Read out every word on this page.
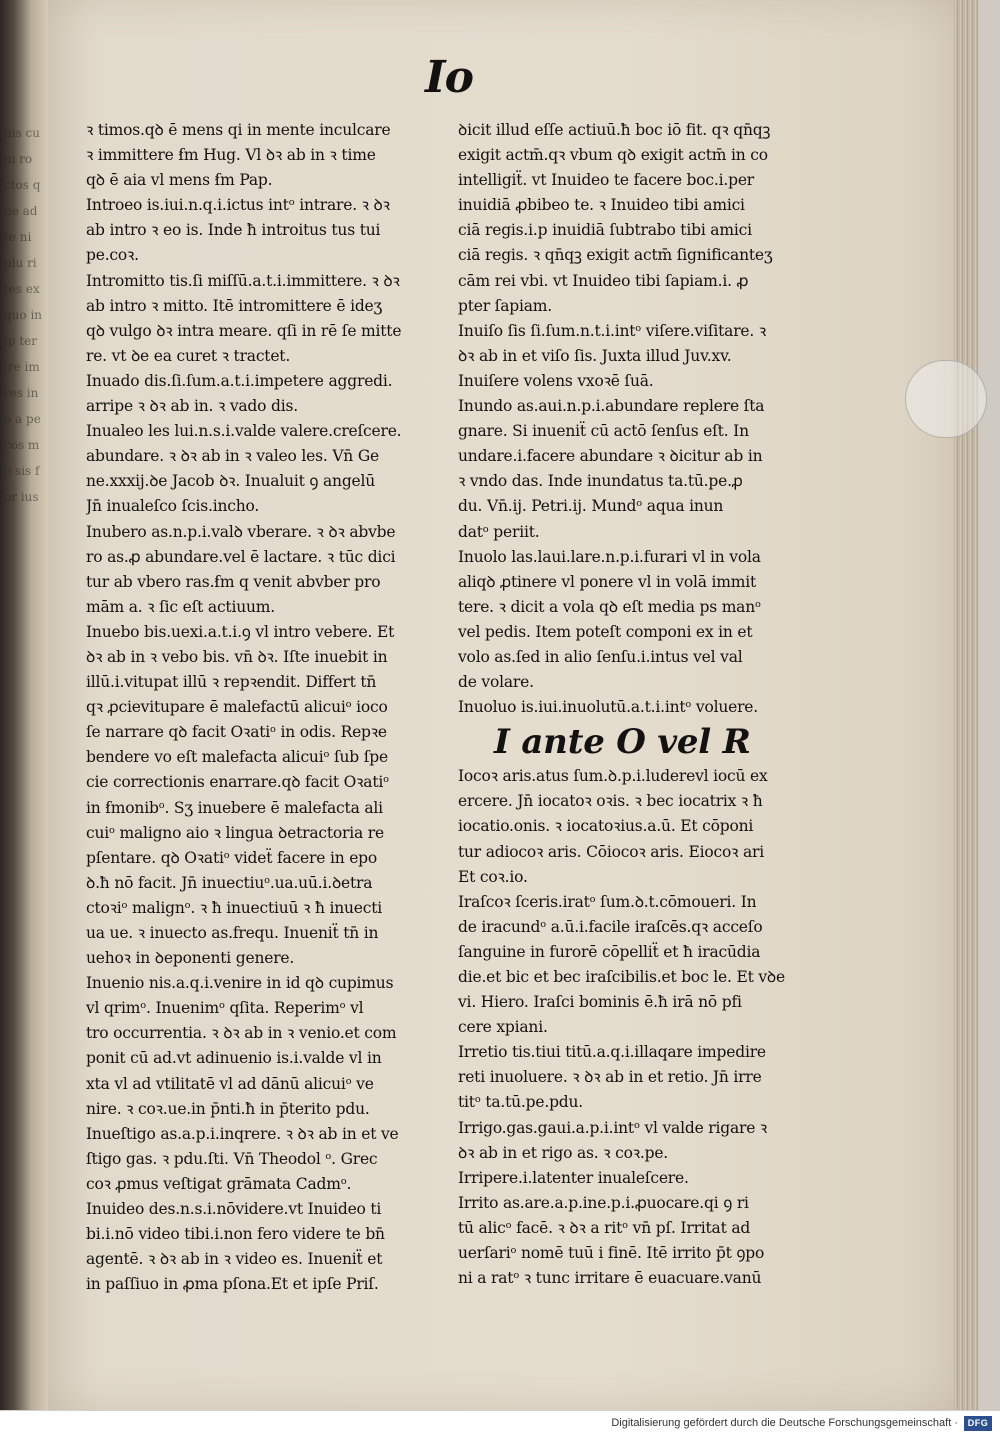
nis cum ro ctos que ad te ni plu ri tes ex quo in ip ter ire im res ino a pe cos mo sis for ius
Io
ꝛ timos.qꝺ ē mens qi in mente inculcare
ꝛ immittere ẜm Hug. Vl ꝺꝛ ab in ꝛ time
qꝺ ē aia vl mens ẜm Pap.
Introeo is.iui.n.q.i.ictus intᵒ intrare. ꝛ ꝺꝛ
ab intro ꝛ eo is. Inde ħ introitus tus tui
pe.coꝛ.
Intromitto tis.ſi miſſū.a.t.i.immittere. ꝛ ꝺꝛ
ab intro ꝛ mitto. Itē intromittere ē ideʒ
qꝺ vulgo ꝺꝛ intra meare. qſi in rē ſe mitte
re. vt ꝺe ea curet ꝛ tractet.
Inuado dis.ſi.ſum.a.t.i.impetere aggredi.
arripe ꝛ ꝺꝛ ab in. ꝛ vado dis.
Inualeo les lui.n.s.i.valde valere.creſcere.
abundare. ꝛ ꝺꝛ ab in ꝛ valeo les. Vn̄ Ge
ne.xxxij.ꝺe Jacob ꝺꝛ. Inualuit ꝯ angelū
Jn̄ inualeſco ſcis.incho.
Inubero as.n.p.i.valꝺ vberare. ꝛ ꝺꝛ abvbe
ro as.ꝓ abundare.vel ē lactare. ꝛ tūc dici
tur ab vbero ras.ẜm q venit abvber pro
mām a. ꝛ ſic eſt actiuum.
Inuebo bis.uexi.a.t.i.ꝯ vl intro vebere. Et
ꝺꝛ ab in ꝛ vebo bis. vn̄ ꝺꝛ. Iſte inuebit in
illū.i.vitupat illū ꝛ repꝛendit. Differt tn̄
qꝛ ꝓcievitupare ē malefactū alicuiᵒ ioco
ſe narrare qꝺ facit Oꝛatiᵒ in odis. Repꝛe
bendere vo eſt malefacta alicuiᵒ ſub ſpe
cie correctionis enarrare.qꝺ facit Oꝛatiᵒ
in ẜmonibᵒ. Sʒ inuebere ē malefacta ali
cuiᵒ maligno aio ꝛ lingua ꝺetractoria re
pſentare. qꝺ Oꝛatiᵒ videẗ facere in epo
ꝺ.ħ nō facit. Jn̄ inuectiuᵒ.ua.uū.i.ꝺetra
ctoꝛiᵒ malignᵒ. ꝛ ħ inuectiuū ꝛ ħ inuecti
ua ue. ꝛ inuecto as.frequ. Inueniẗ tn̄ in
uehoꝛ in ꝺeponenti genere.
Inuenio nis.a.q.i.venire in id qꝺ cupimus
vl qrimᵒ. Inuenimᵒ qſita. Reperimᵒ vl
tro occurrentia. ꝛ ꝺꝛ ab in ꝛ venio.et com
ponit cū ad.vt adinuenio is.i.valde vl in
xta vl ad vtilitatē vl ad dānū alicuiᵒ ve
nire. ꝛ coꝛ.ue.in p̄nti.ħ in p̄terito pdu.
Inueſtigo as.a.p.i.inqrere. ꝛ ꝺꝛ ab in et ve
ſtigo gas. ꝛ pdu.ſti. Vn̄ Theodol ᵒ. Grec
coꝛ ꝓmus veſtigat grāmata Cadmᵒ.
Inuideo des.n.s.i.nōvidere.vt Inuideo ti
bi.i.nō video tibi.i.non fero videre te bn̄
agentē. ꝛ ꝺꝛ ab in ꝛ video es. Inueniẗ et
in paſſiuo in ꝓma pſona.Et et ipſe Priſ.
ꝺicit illud eſſe actiuū.ħ boc iō fit. qꝛ qn̄qꝫ
exigit actm̄.qꝛ vbum qꝺ exigit actm̄ in co
intelligiẗ. vt Inuideo te facere boc.i.per
inuidiā ꝓbibeo te. ꝛ Inuideo tibi amici
ciā regis.i.p inuidiā ſubtrabo tibi amici
ciā regis. ꝛ qn̄qꝫ exigit actm̄ ſignificanteʒ
cām rei vbi. vt Inuideo tibi ſapiam.i. ꝓ
pter ſapiam.
Inuiſo ſis ſi.ſum.n.t.i.intᵒ viſere.viſitare. ꝛ
ꝺꝛ ab in et viſo ſis. Juxta illud Juv.xv.
Inuiſere volens vxoꝛē ſuā.
Inundo as.aui.n.p.i.abundare replere ſta
gnare. Si inueniẗ cū actō ſenſus eſt. In
undare.i.facere abundare ꝛ ꝺicitur ab in
ꝛ vndo das. Inde inundatus ta.tū.pe.ꝓ
du. Vn̄.ij. Petri.ij. Mundᵒ aqua inun
datᵒ periit.
Inuolo las.laui.lare.n.p.i.furari vl in vola
aliqꝺ ꝓtinere vl ponere vl in volā immit
tere. ꝛ dicit a vola qꝺ eſt media ps manᵒ
vel pedis. Item poteſt componi ex in et
volo as.ſed in alio ſenſu.i.intus vel val
de volare.
Inuoluo is.iui.inuolutū.a.t.i.intᵒ voluere.
I ante O vel R
Iocoꝛ aris.atus ſum.ꝺ.p.i.luderevl iocū ex
ercere. Jn̄ iocatoꝛ oꝛis. ꝛ bec iocatrix ꝛ ħ
iocatio.onis. ꝛ iocatoꝛius.a.ū. Et cōponi
tur adiocoꝛ aris. Cōiocoꝛ aris. Eiocoꝛ ari
Et coꝛ.io.
Iraſcoꝛ ſceris.iratᵒ ſum.ꝺ.t.cōmoueri. In
de iracundᵒ a.ū.i.facile iraſcēs.qꝛ acceſo
ſanguine in furorē cōpelliẗ et ħ iracūdia
die.et bic et bec iraſcibilis.et boc le. Et vꝺe
vi. Hiero. Iraſci bominis ē.ħ irā nō pfi
cere xpiani.
Irretio tis.tiui titū.a.q.i.illaqare impedire
reti inuoluere. ꝛ ꝺꝛ ab in et retio. Jn̄ irre
titᵒ ta.tū.pe.pdu.
Irrigo.gas.gaui.a.p.i.intᵒ vl valde rigare ꝛ
ꝺꝛ ab in et rigo as. ꝛ coꝛ.pe.
Irripere.i.latenter inualeſcere.
Irrito as.are.a.p.ine.p.i.ꝓuocare.qi ꝯ ri
tū alicᵒ facē. ꝛ ꝺꝛ a ritᵒ vn̄ pſ. Irritat ad
uerſariᵒ nomē tuū i finē. Itē irrito p̄t ꝯpo
ni a ratᵒ ꝛ tunc irritare ē euacuare.vanū
Digitalisierung gefördert durch die Deutsche Forschungsgemeinschaft ·	DFG
